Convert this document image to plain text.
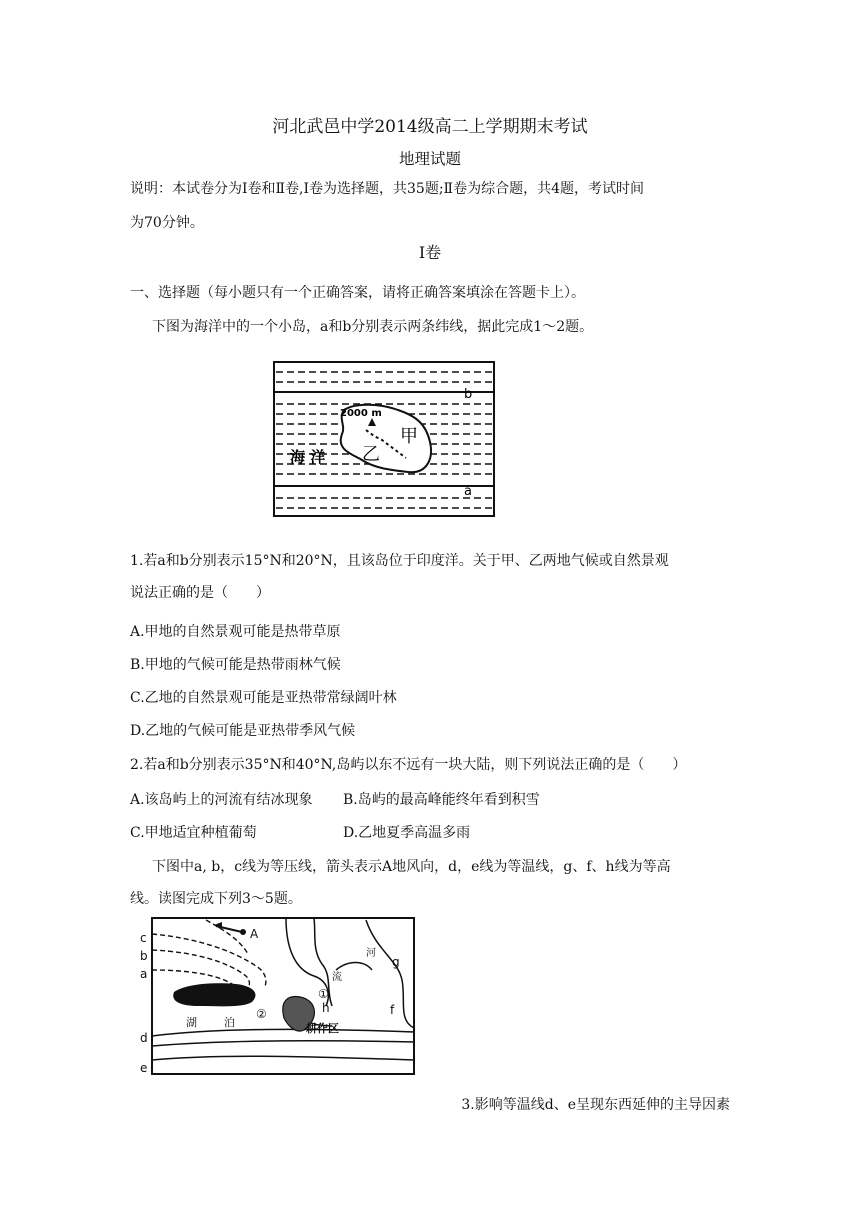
河北武邑中学2014级高二上学期期末考试
地理试题
说明：本试卷分为Ⅰ卷和Ⅱ卷,Ⅰ卷为选择题，共35题;Ⅱ卷为综合题，共4题，考试时间
为70分钟。
Ⅰ卷
一、选择题（每小题只有一个正确答案，请将正确答案填涂在答题卡上）。
下图为海洋中的一个小岛，a和b分别表示两条纬线，据此完成1～2题。
2000 m
b
a
海 洋
甲
乙
1.若a和b分别表示15°N和20°N，且该岛位于印度洋。关于甲、乙两地气候或自然景观
说法正确的是（　　）
A.甲地的自然景观可能是热带草原
B.甲地的气候可能是热带雨林气候
C.乙地的自然景观可能是亚热带常绿阔叶林
D.乙地的气候可能是亚热带季风气候
2.若a和b分别表示35°N和40°N,岛屿以东不远有一块大陆，则下列说法正确的是（　　）
A.该岛屿上的河流有结冰现象 B.岛屿的最高峰能终年看到积雪
C.甲地适宜种植葡萄	D.乙地夏季高温多雨
下图中a, b，c线为等压线，箭头表示A地风向，d，e线为等温线，g、f、h线为等高
线。读图完成下列3～5题。
c
b
a
d
e
A
g
f
h
①
②
河
流
湖 泊	耕作区
3.影响等温线d、e呈现东西延伸的主导因素
